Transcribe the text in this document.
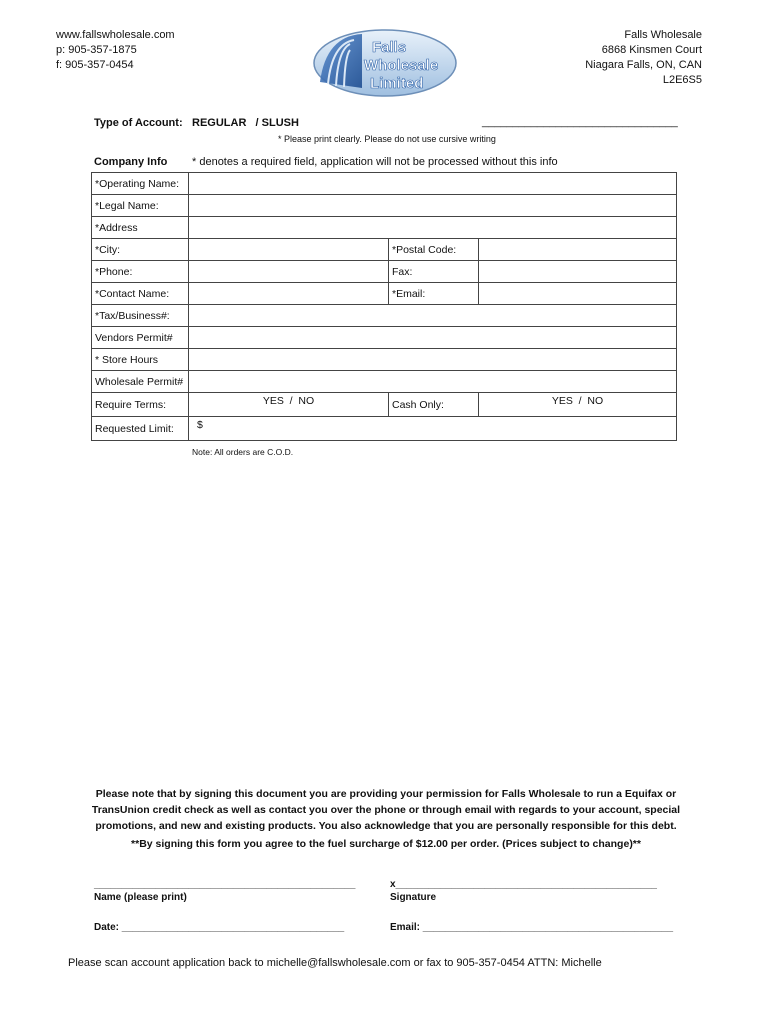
www.fallswholesale.com
p: 905-357-1875
f: 905-357-0454
Falls
Wholesale
Limited
Falls Wholesale
6868 Kinsmen Court
Niagara Falls, ON, CAN
L2E6S5
Type of Account: REGULAR   / SLUSH	________________________________
* Please print clearly. Please do not use cursive writing
Company Info * denotes a required field, application will not be processed without this info
*Operating Name:			
*Legal Name:			
*Address			
*City:		*Postal Code:	
*Phone:		Fax:	
*Contact Name:		*Email:	
*Tax/Business#:			
Vendors Permit#			
* Store Hours			
Wholesale Permit#			
Require Terms:	YES  /  NO	Cash Only:	YES  /  NO
Requested Limit:	$		
Note: All orders are C.O.D.
Please note that by signing this document you are providing your permission for Falls Wholesale to run a Equifax or TransUnion credit check as well as contact you over the phone or through email with regards to your account, special promotions, and new and existing products. You also acknowledge that you are personally responsible for this debt.
**By signing this form you agree to the fuel surcharge of $12.00 per order. (Prices subject to change)**
_______________________________________________
Name (please print)
x_______________________________________________
Signature
Date: ________________________________________	Email: _____________________________________________
Please scan account application back to michelle@fallswholesale.com or fax to 905-357-0454 ATTN: Michelle
